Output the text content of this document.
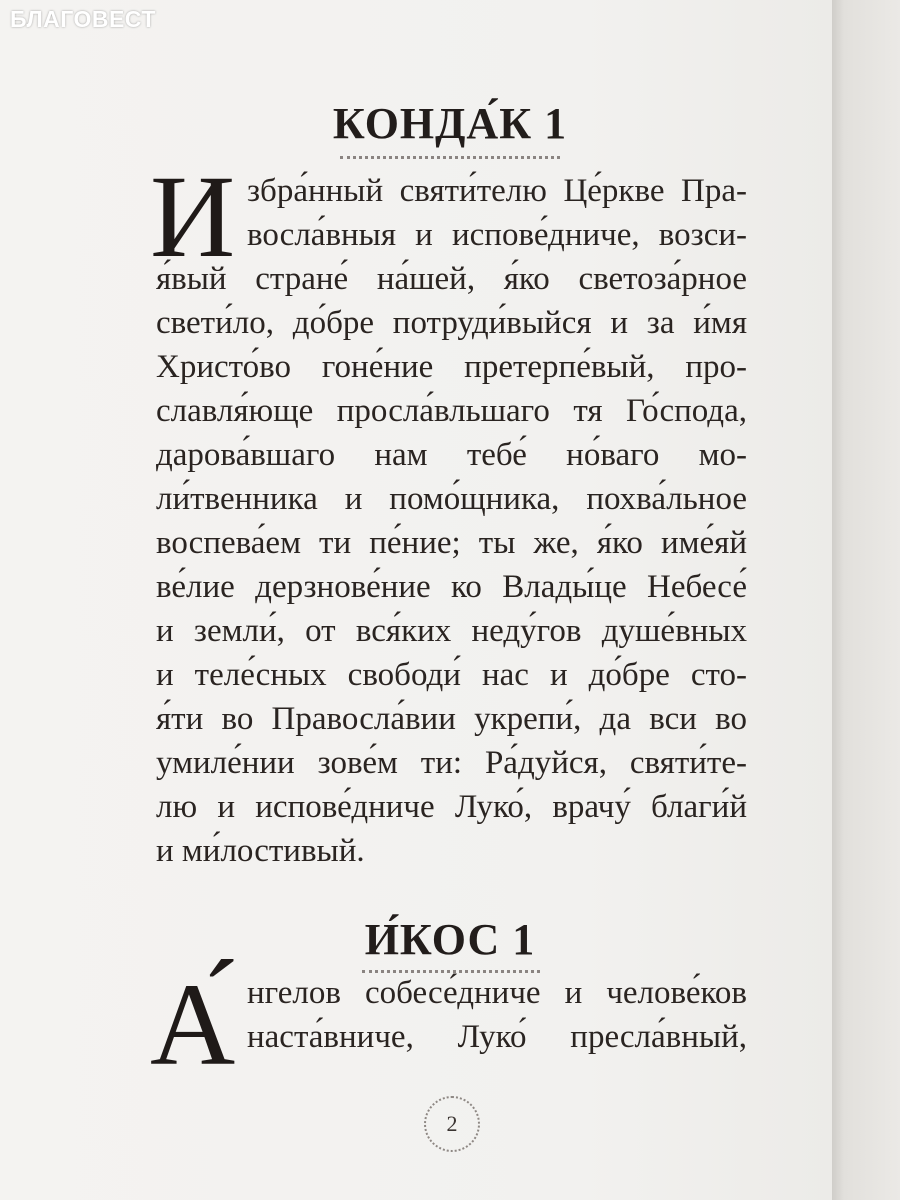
БЛАГОВЕСТ
КОНДА́К 1
И збра́нный святи́телю Це́ркве Пра-
восла́вныя и испове́дниче, возси-
я́вый стране́ на́шей, я́ко светоза́рное
свети́ло, до́бре потруди́выйся и за и́мя
Христо́во гоне́ние претерпе́вый, про-
славля́юще просла́вльшаго тя Го́спода,
дарова́вшаго нам тебе́ но́ваго мо-
ли́твенника и помо́щника, похва́льное
воспева́ем ти пе́ние; ты же, я́ко име́яй
ве́лие дерзнове́ние ко Влады́це Небесе́
и земли́, от вся́ких неду́гов душе́вных
и теле́сных свободи́ нас и до́бре сто-
я́ти во Правосла́вии укрепи́, да вси во
умиле́нии зове́м ти: Ра́дуйся, святи́те-
лю и испове́дниче Луко́, врачу́ благи́й
и ми́лостивый.
И́КОС 1
А́ нгелов собесе́дниче и челове́ков
наста́вниче, Луко́ пресла́вный,
2
